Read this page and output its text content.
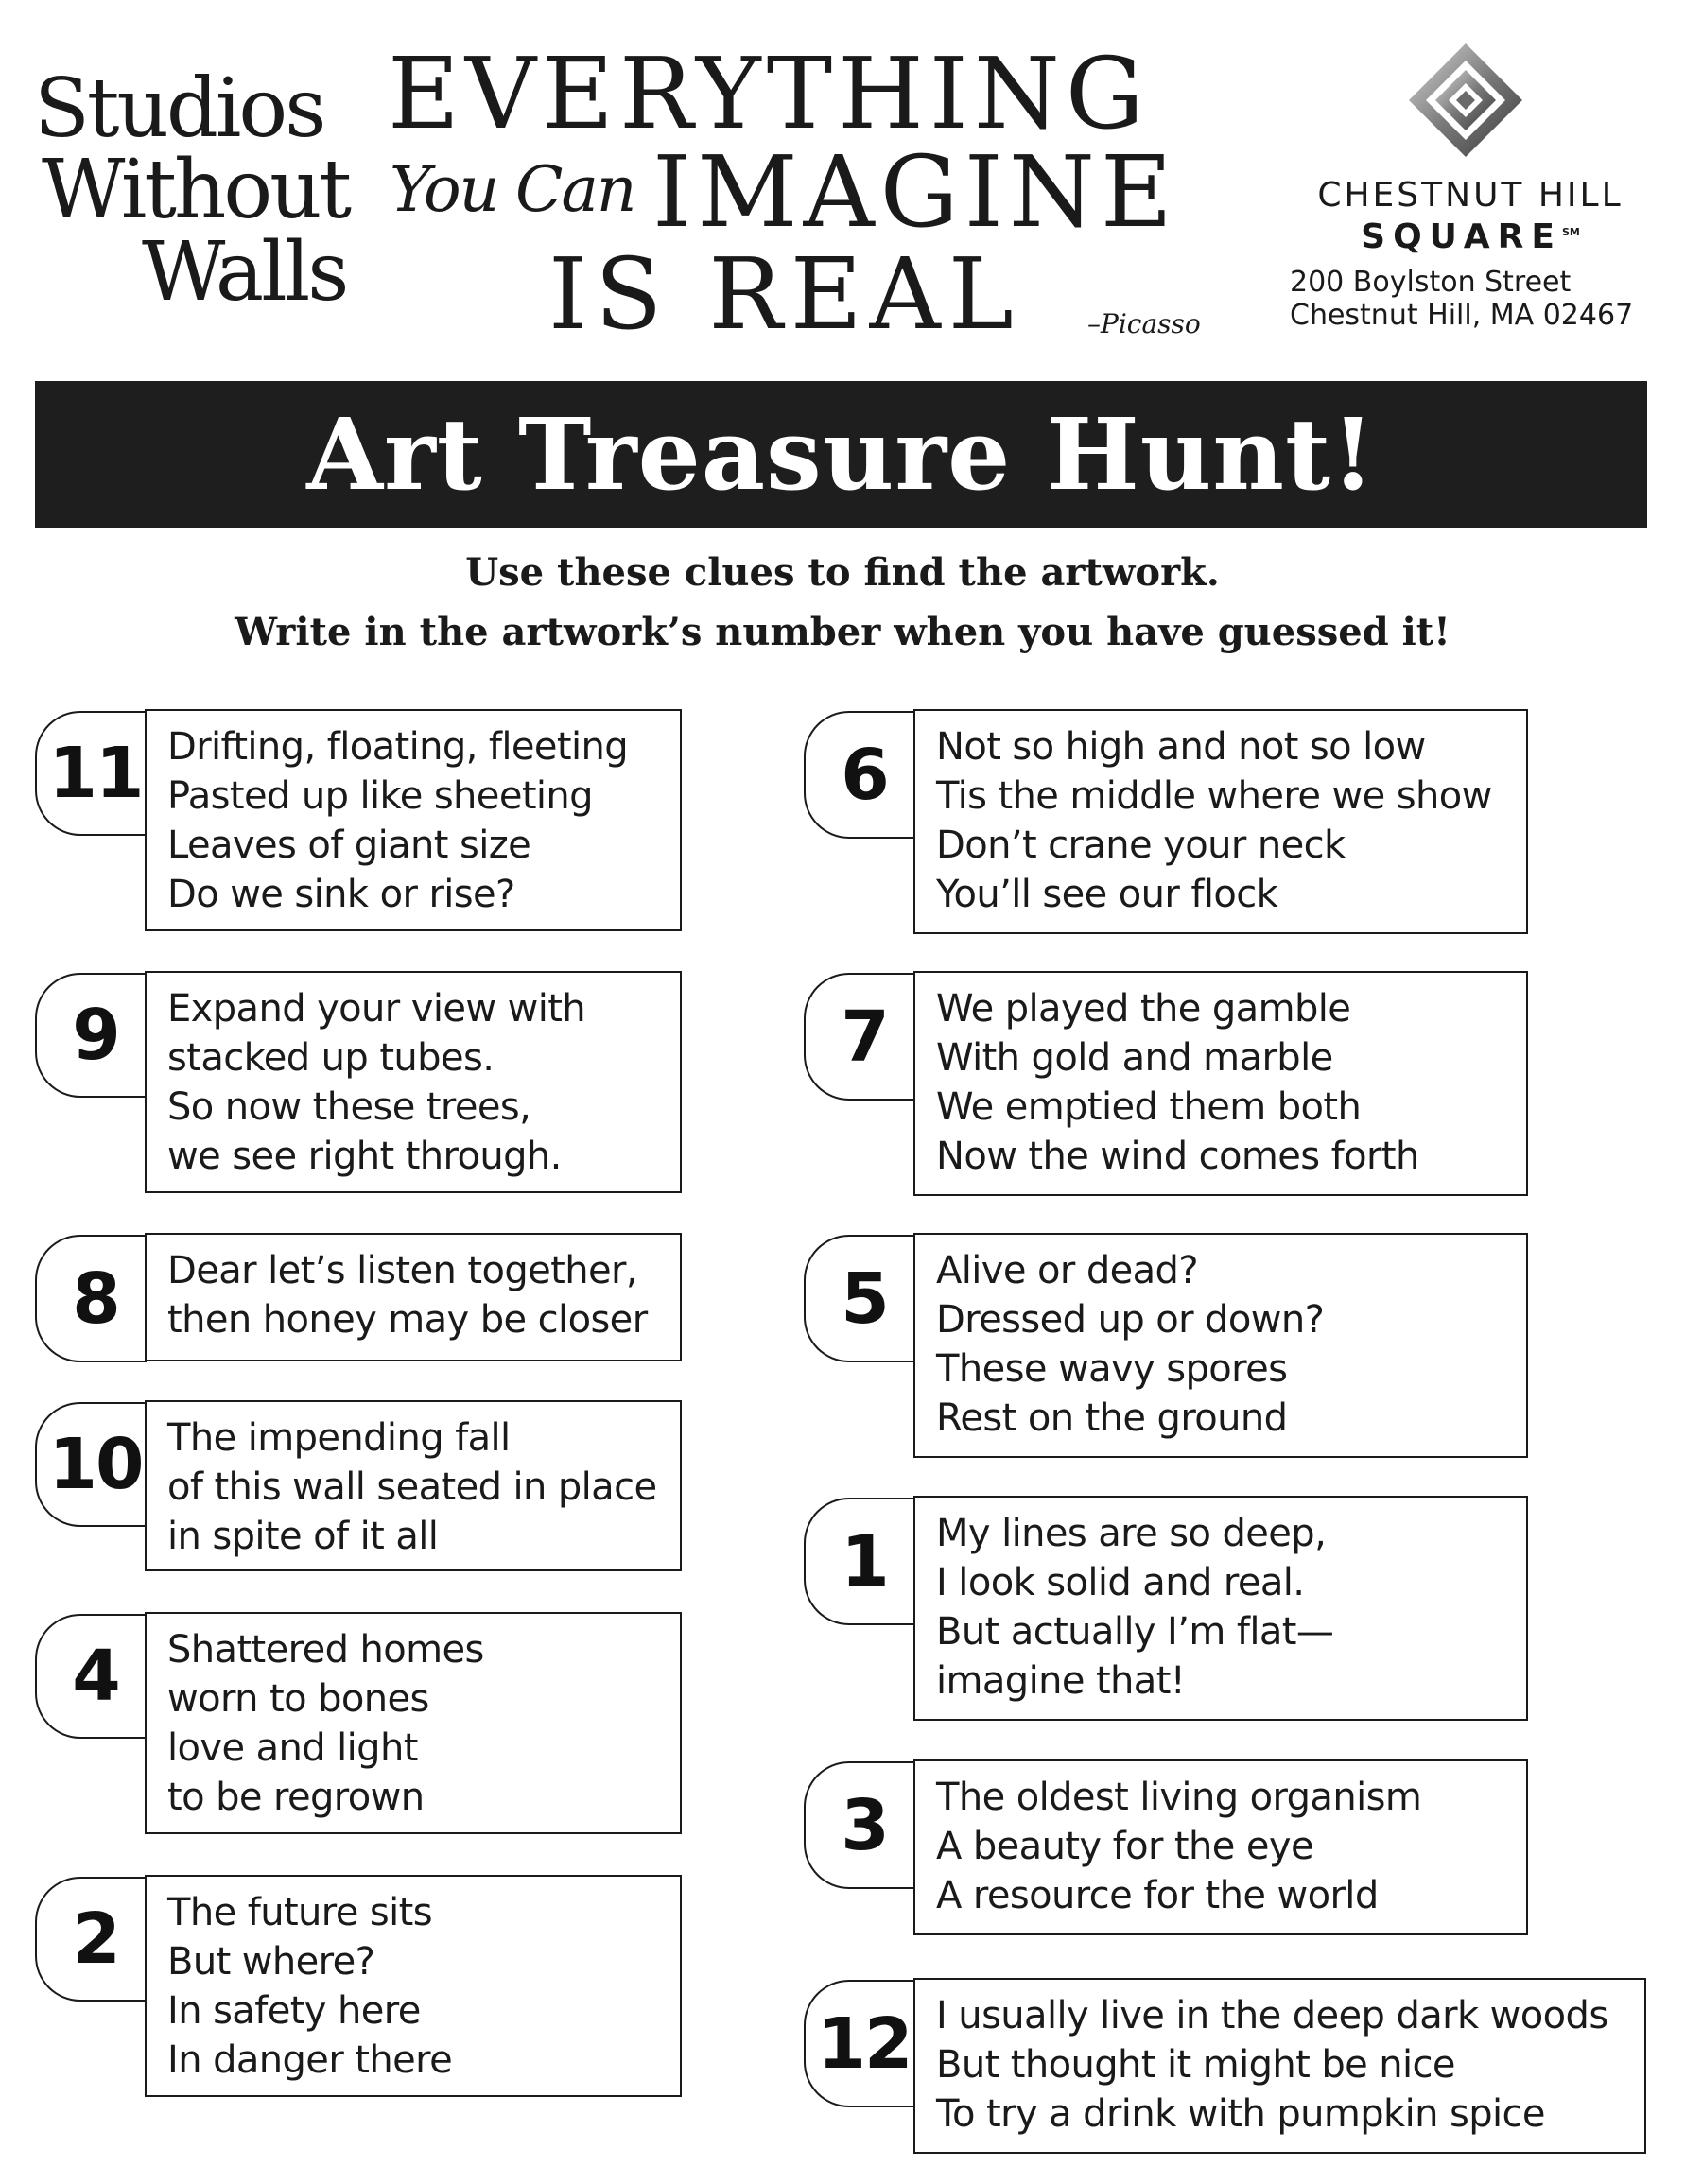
Studios
Without
Walls
EVERYTHING
You Can IMAGINE
IS REAL	–Picasso
CHESTNUT HILL
SQUARE℠
200 Boylston Street
Chestnut Hill, MA 02467
Art Treasure Hunt!
Use these clues to find the artwork.
Write in the artwork’s number when you have guessed it!
11 Drifting, floating, fleeting
Pasted up like sheeting
Leaves of giant size
Do we sink or rise?
9 Expand your view with
stacked up tubes.
So now these trees,
we see right through.
8 Dear let’s listen together,
then honey may be closer
10 The impending fall
of this wall seated in place
in spite of it all
4 Shattered homes
worn to bones
love and light
to be regrown
2 The future sits
But where?
In safety here
In danger there
6 Not so high and not so low
Tis the middle where we show
Don’t crane your neck
You’ll see our flock
7 We played the gamble
With gold and marble
We emptied them both
Now the wind comes forth
5 Alive or dead?
Dressed up or down?
These wavy spores
Rest on the ground
1 My lines are so deep,
I look solid and real.
But actually I’m flat—
imagine that!
3 The oldest living organism
A beauty for the eye
A resource for the world
12 I usually live in the deep dark woods
But thought it might be nice
To try a drink with pumpkin spice
